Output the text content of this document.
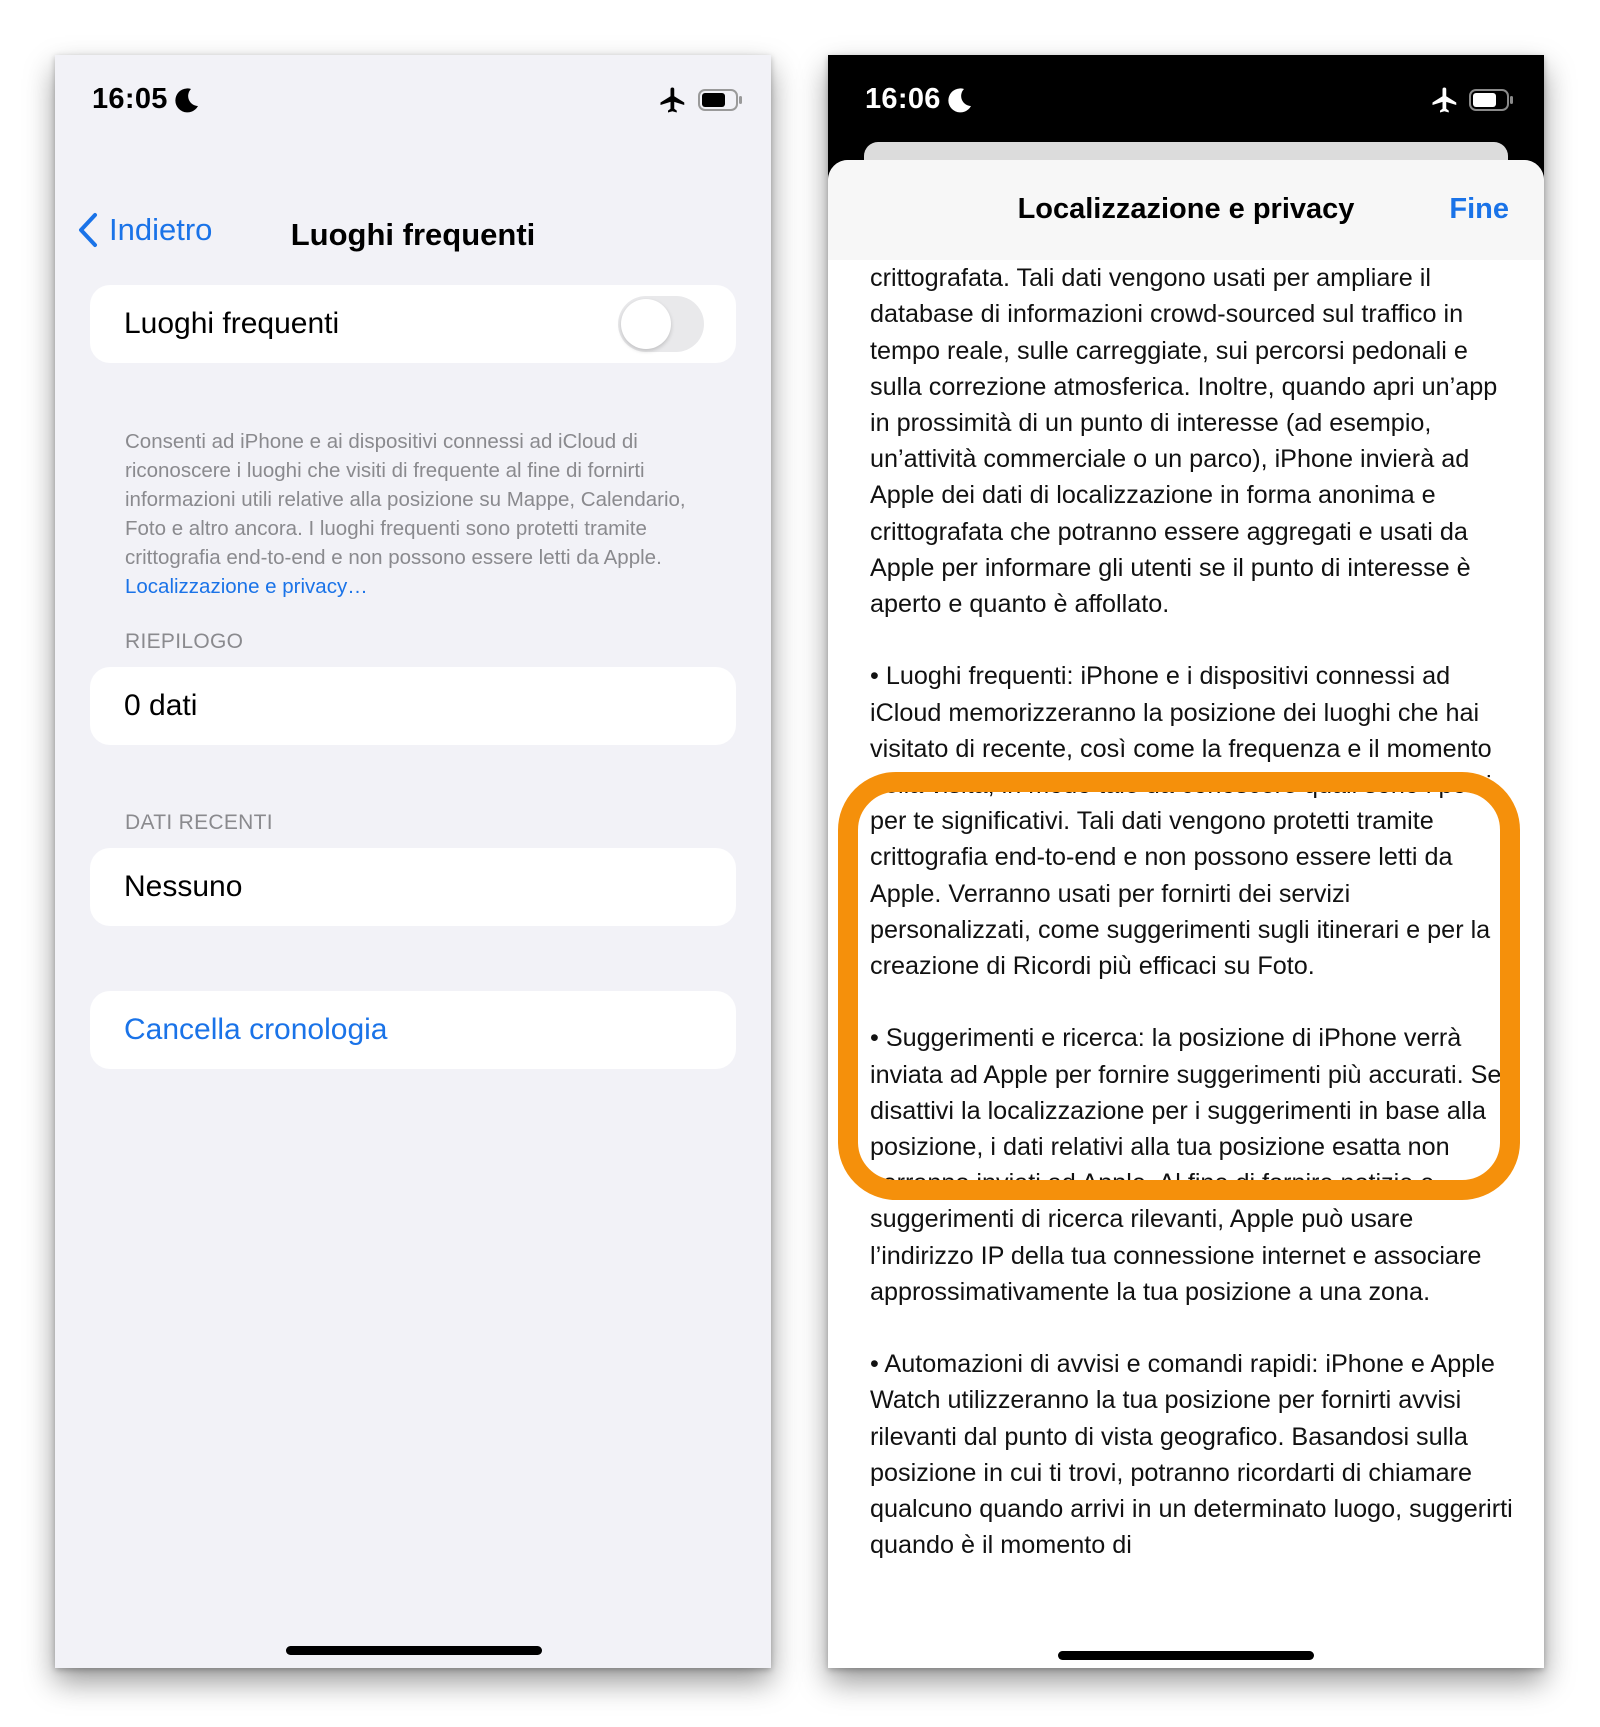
16:05
Indietro	Luoghi frequenti
Luoghi frequenti
Consenti ad iPhone e ai dispositivi connessi ad iCloud di riconoscere i luoghi che visiti di frequente al fine di fornirti informazioni utili relative alla posizione su Mappe, Calendario, Foto e altro ancora. I luoghi frequenti sono protetti tramite crittografia end-to-end e non possono essere letti da Apple.
Localizzazione e privacy…
RIEPILOGO
0 dati
DATI RECENTI
Nessuno
Cancella cronologia
16:06
Localizzazione e privacy	Fine

crittografata. Tali dati vengono usati per ampliare il database di informazioni crowd-sourced sul traffico in tempo reale, sulle carreggiate, sui percorsi pedonali e sulla correzione atmosferica. Inoltre, quando apri un’app in prossimità di un punto di interesse (ad esempio, un’attività commerciale o un parco), iPhone invierà ad Apple dei dati di localizzazione in forma anonima e crittografata che potranno essere aggregati e usati da Apple per informare gli utenti se il punto di interesse è aperto e quanto è affollato.

• Luoghi frequenti: iPhone e i dispositivi connessi ad iCloud memorizzeranno la posizione dei luoghi che hai visitato di recente, così come la frequenza e il momento della visita, in modo tale da conoscere quali sono i posti per te significativi. Tali dati vengono protetti tramite crittografia end-to-end e non possono essere letti da Apple. Verranno usati per fornirti dei servizi personalizzati, come suggerimenti sugli itinerari e per la creazione di Ricordi più efficaci su Foto.

• Suggerimenti e ricerca: la posizione di iPhone verrà inviata ad Apple per fornire suggerimenti più accurati. Se disattivi la localizzazione per i suggerimenti in base alla posizione, i dati relativi alla tua posizione esatta non verranno inviati ad Apple. Al fine di fornire notizie e suggerimenti di ricerca rilevanti, Apple può usare l’indirizzo IP della tua connessione internet e associare approssimativamente la tua posizione a una zona.

• Automazioni di avvisi e comandi rapidi: iPhone e Apple Watch utilizzeranno la tua posizione per fornirti avvisi rilevanti dal punto di vista geografico. Basandosi sulla posizione in cui ti trovi, potranno ricordarti di chiamare qualcuno quando arrivi in un determinato luogo, suggerirti quando è il momento di
